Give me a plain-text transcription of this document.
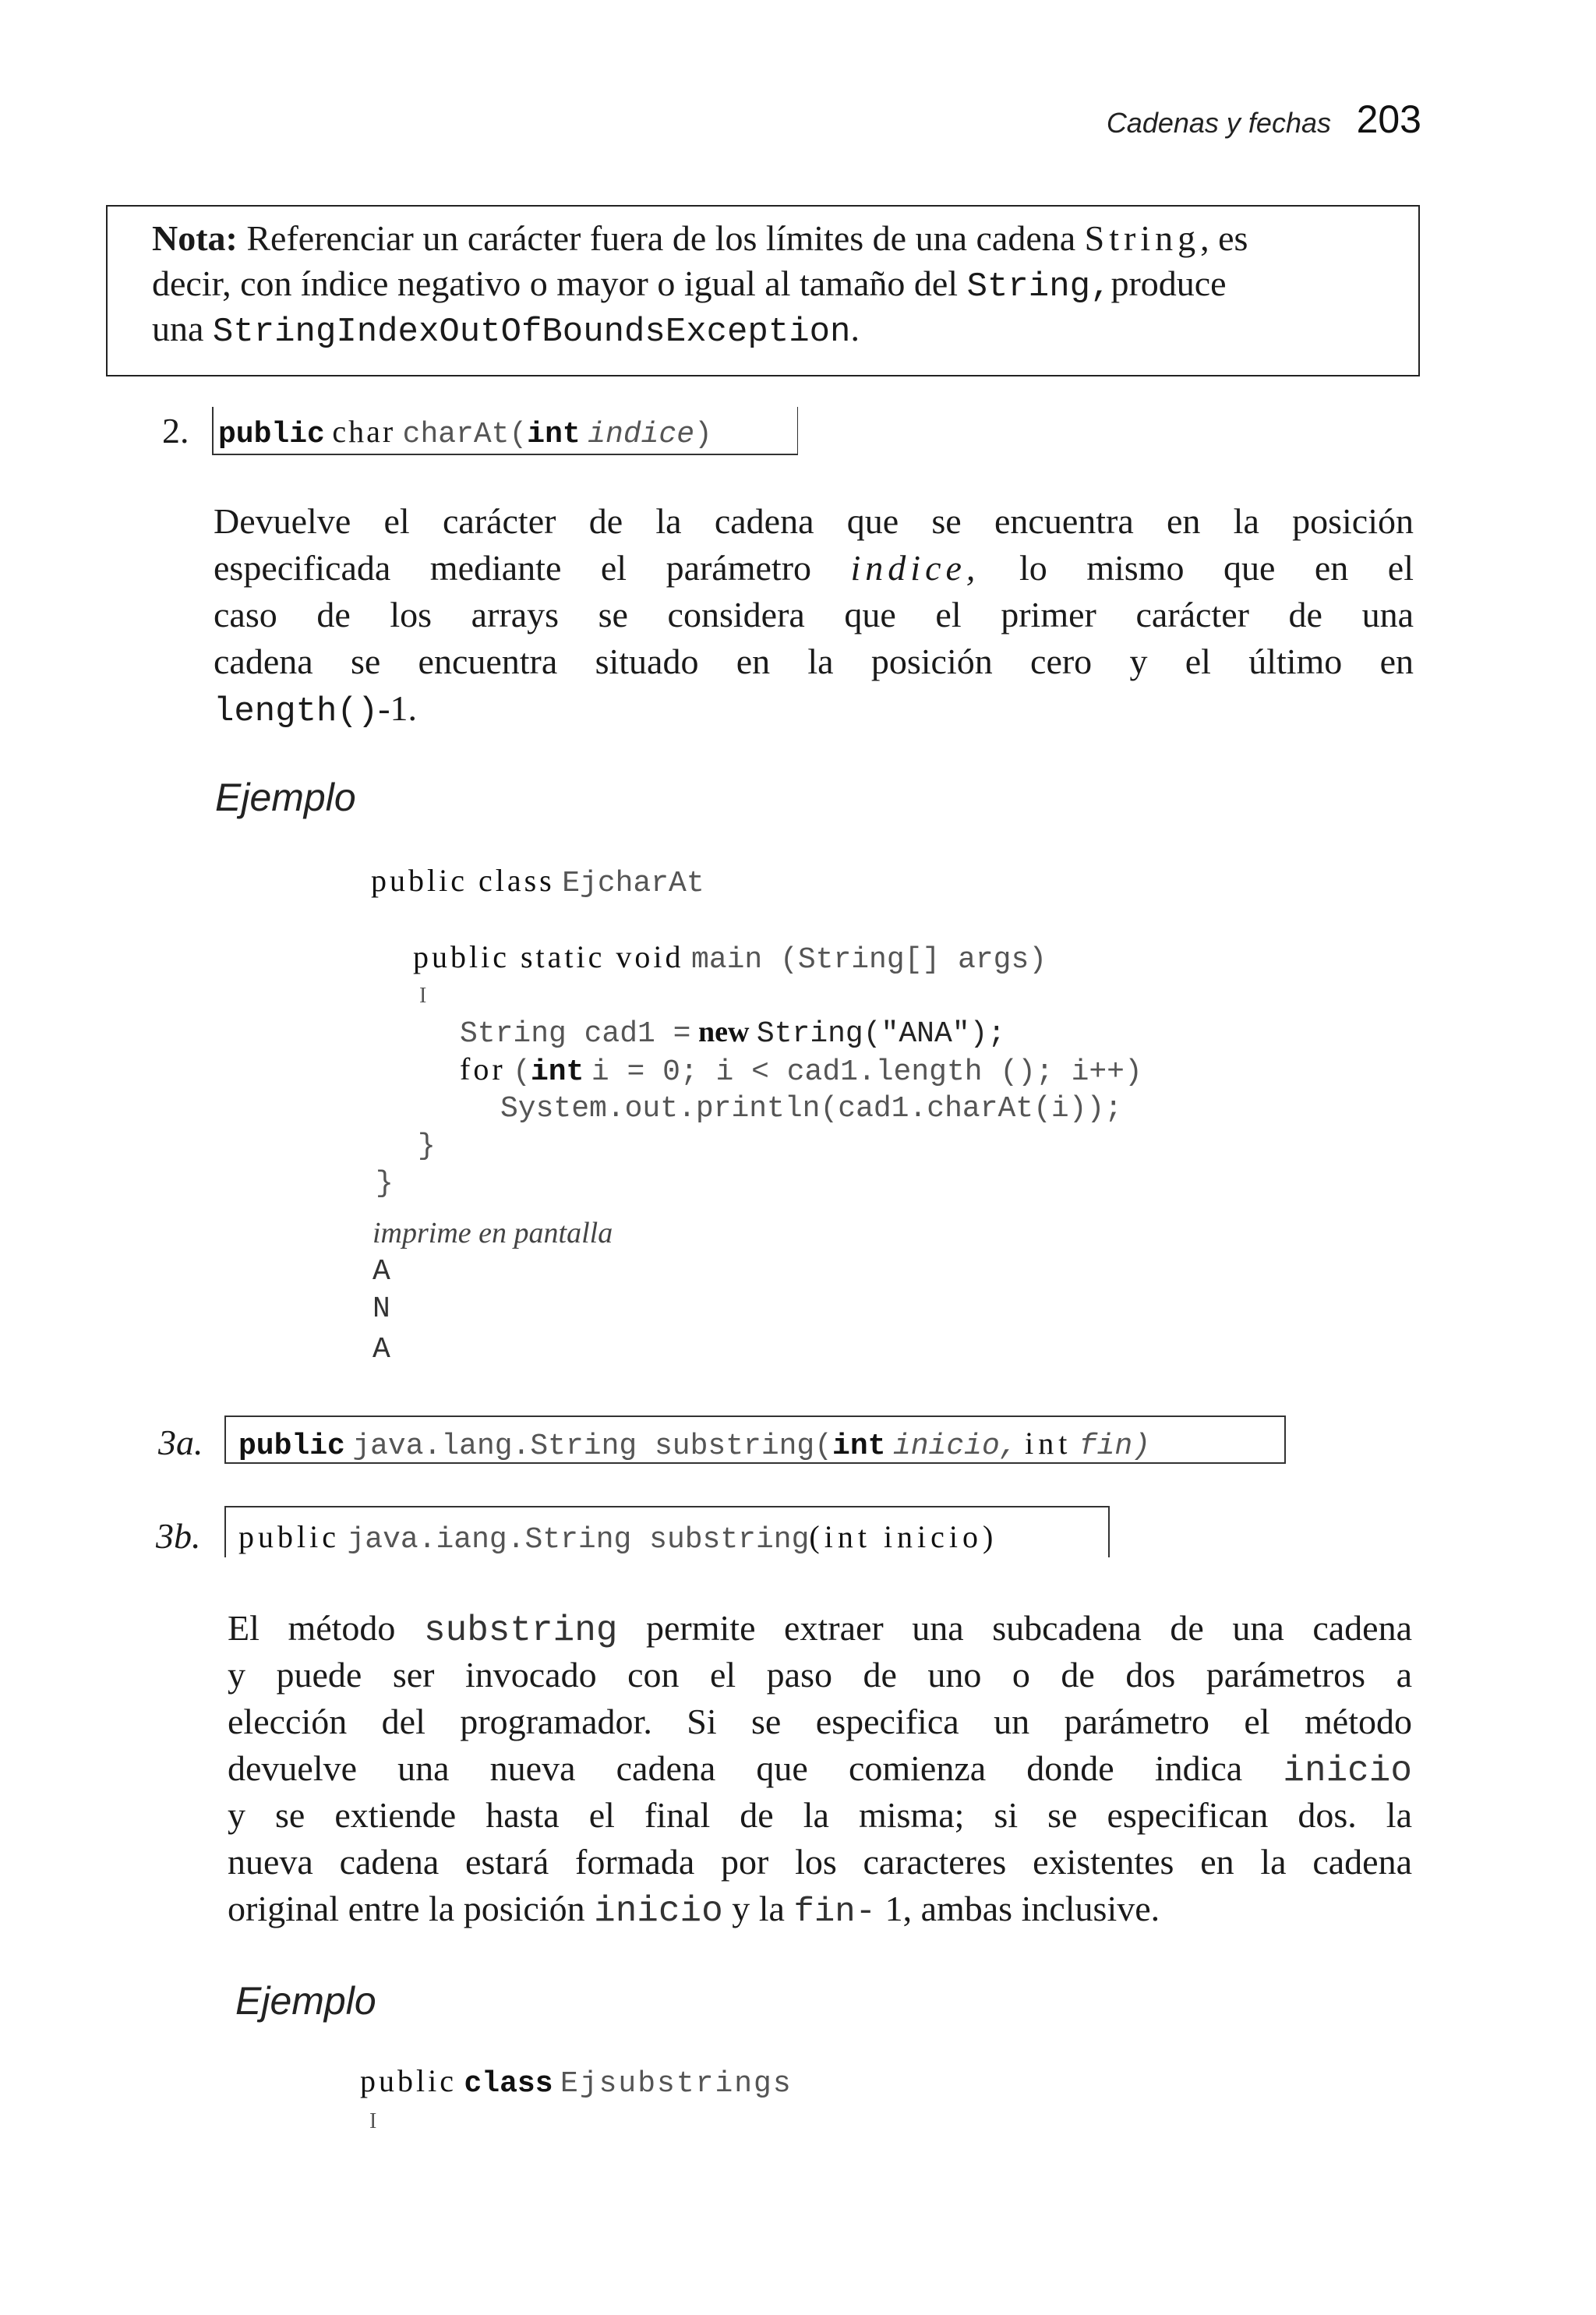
Cadenas y fechas 203
Nota: Referenciar un carácter fuera de los límites de una cadena String, es
decir, con índice negativo o mayor o igual al tamaño del String,produce
una StringIndexOutOfBoundsException.
2. public char charAt(int indice)
Devuelve el carácter de la cadena que se encuentra en la posición
especificada mediante el parámetro indice, lo mismo que en el
caso de los arrays se considera que el primer carácter de una
cadena se encuentra situado en la posición cero y el último en
length()-1.
Ejemplo
public class EjcharAt
public static void main (String[] args)
I
String cad1 = new String("ANA");
for (int i = 0; i < cad1.length (); i++)
System.out.println(cad1.charAt(i));
}
}
imprime en pantalla
A
N
A
3a. public java.lang.String substring(int inicio, int fin)
3b. public java.iang.String substring(int inicio)
El método substring permite extraer una subcadena de una cadena
y puede ser invocado con el paso de uno o de dos parámetros a
elección del programador. Si se especifica un parámetro el método
devuelve una nueva cadena que comienza donde indica inicio
y se extiende hasta el final de la misma; si se especifican dos. la
nueva cadena estará formada por los caracteres existentes en la cadena
original entre la posición inicio y la fin- 1, ambas inclusive.
Ejemplo
public class Ejsubstrings
I
